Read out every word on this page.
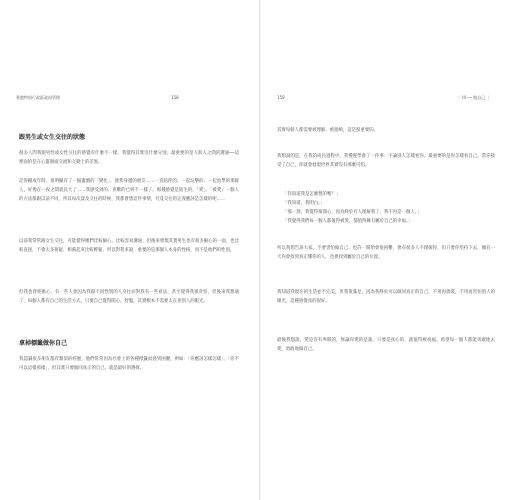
香港特別行政區政府管理	158

跟男生或女生交往的狀態

很多人問我跟男性或女性交往的感覺有什麼不一樣，我覺得其實沒什麼分別，最重要的是人與人之間的溝通──這裡面的是在心靈層面交流和互動上的差異。

記得剛成年時，很明顯有了一個遺憾的「變化」，使我身邊的朋友……一直陪伴的、一起玩樂的、一起放學的那群人，好像在一夜之間就長大了……我感受到的、喜歡的已經不一樣了。那種感覺是陌生的，「愛」、「被愛」一個人的方法都跟以前不同，所以每次談及交往的時候，我都會想這件事情，究竟交往的定義應該是怎樣的呢……

以前我常常跟女生交往，可能覺得她們比較細心，比較容易溝通，但後來發現其實男生也有很多細心的一面，也比較直接，不會太多猜疑，相處起來比較輕鬆，所以對我來說，重要的是那個人本身的性格，而不是他們的性別。

但我也曾經擔心，有一些人會因為我跟不同性別的人交往而對我有一些看法，甚至覺得我很奇怪，但後來我想通了，每個人都有自己的生活方式，只要自己覺得開心、舒服，其實根本不需要太在意別人的眼光。

拿掉標籤做你自己

我認識很多朋友都有類似的經歷，他們常常因為社會上的各種標籤而感到困擾，例如：「你應該怎樣怎樣」、「你不可以這樣那樣」，但其實只要做回真正的自己，就是最好的選擇。

159	｜ III ── 做自己 ｜

其實每個人都需要被理解、被接納，這是很重要的。

我想說的是，在我的成長過程中，我慢慢學會了一件事：不論別人怎樣看你，最重要的是你怎樣看自己。當你接受了自己，你就會發現世界其實沒有那麼可怕。

「你知道我是怎麼想的嗎？」

「我知道，我明白。」

「那一刻，我覺得很開心，因為終於有人理解我了，我不再是一個人。」

「我覺得我們每一個人都值得被愛，都值得擁有屬於自己的幸福。」

所以我想告訴大家，不要害怕做自己。也許一開始會很困難，會有很多人不理解你，但只要你堅持下去，總有一天你會找到真正懂你的人，也會找到屬於自己的位置。

我知道我現在的生活並不完美，但我很滿足，因為我終於可以做回真正的自己，不用再偽裝，不用再害怕別人的眼光，這種感覺真的很好。

最後我想說，愛是沒有界限的，無論你愛的是誰，只要是真心的，就值得被祝福。希望每一個人都能勇敢地去愛，勇敢地做自己。
